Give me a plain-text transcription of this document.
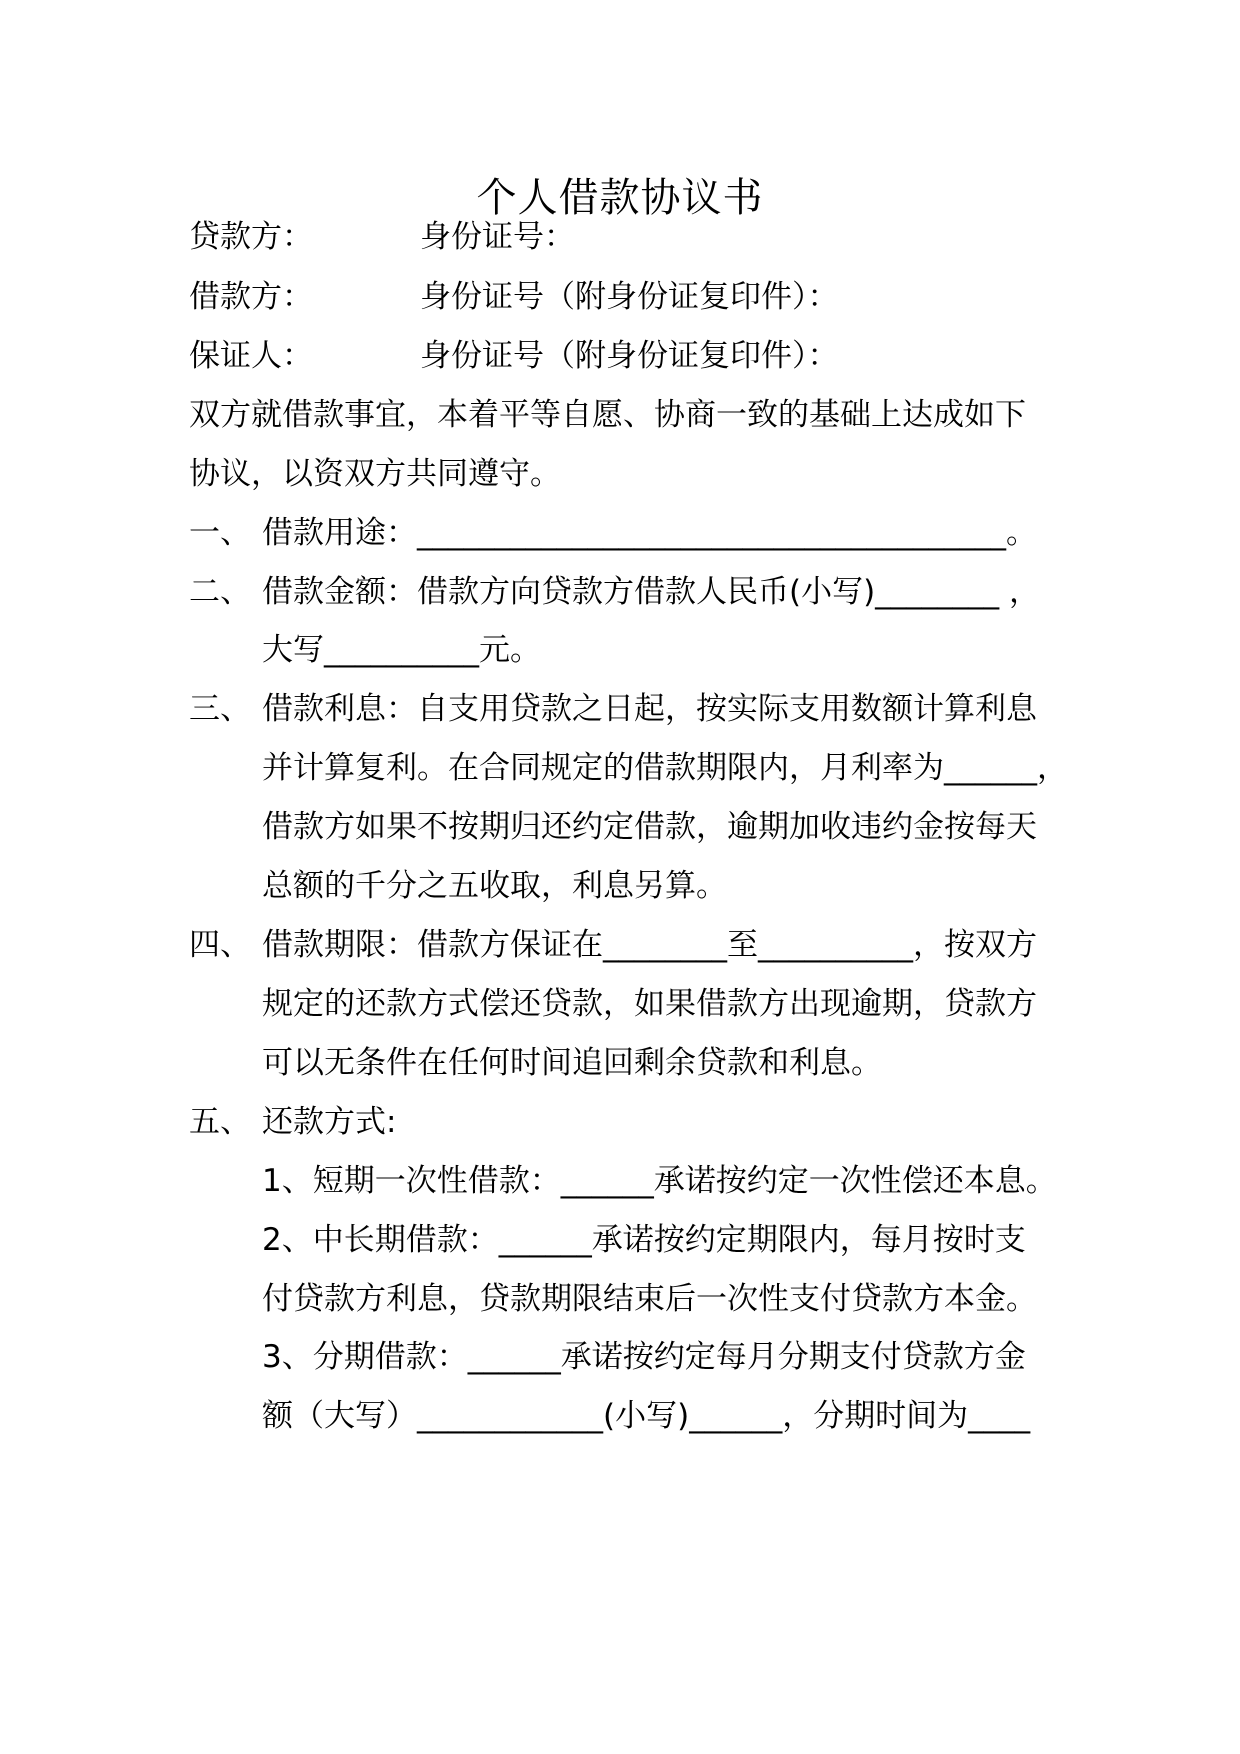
个人借款协议书
贷款方：	身份证号：
借款方：	身份证号（附身份证复印件）：
保证人：	身份证号（附身份证复印件）：
双方就借款事宜，本着平等自愿、协商一致的基础上达成如下
协议，以资双方共同遵守。
一、 借款用途：______________________________________。
二、 借款金额：借款方向贷款方借款人民币(小写)________ ，
大写__________元。
三、 借款利息：自支用贷款之日起，按实际支用数额计算利息
并计算复利。在合同规定的借款期限内，月利率为______，
借款方如果不按期归还约定借款，逾期加收违约金按每天
总额的千分之五收取，利息另算。
四、 借款期限：借款方保证在________至__________，按双方
规定的还款方式偿还贷款，如果借款方出现逾期，贷款方
可以无条件在任何时间追回剩余贷款和利息。
五、 还款方式:
1、短期一次性借款：______承诺按约定一次性偿还本息。
2、中长期借款：______承诺按约定期限内，每月按时支
付贷款方利息，贷款期限结束后一次性支付贷款方本金。
3、分期借款：______承诺按约定每月分期支付贷款方金
额（大写）____________(小写)______，分期时间为____
